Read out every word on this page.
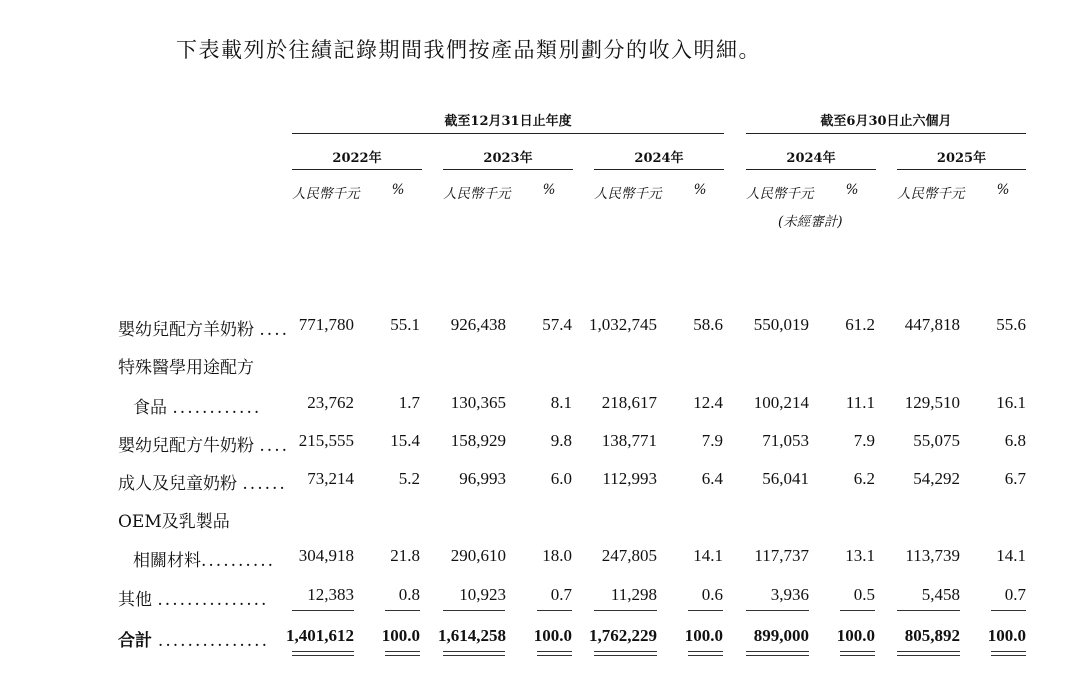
下表載列於往績記錄期間我們按產品類別劃分的收入明細。
截至12月31日止年度	截至6月30日止六個月
2022年	2023年	2024年	2024年	2025年
人民幣千元 %	人民幣千元 %	人民幣千元 %	人民幣千元 %	人民幣千元 %
(未經審計)
嬰幼兒配方羊奶粉 .... 771,780 55.1 926,438 57.4 1,032,745 58.6 550,019 61.2 447,818 55.6
特殊醫學用途配方
食品 ............	23,762	1.7 130,365	8.1 218,617 12.4 100,214 11.1 129,510 16.1
嬰幼兒配方牛奶粉 .... 215,555 15.4 158,929	9.8 138,771	7.9 71,053	7.9 55,075	6.8
成人及兒童奶粉 ...... 73,214	5.2 96,993	6.0 112,993	6.4 56,041	6.2 54,292	6.7
OEM及乳製品
相關材料.......... 304,918 21.8 290,610 18.0 247,805 14.1 117,737 13.1 113,739 14.1
其他 ............... 12,383	0.8 10,923	0.7 11,298	0.6	3,936	0.5	5,458	0.7
合計 ............... 1,401,612 100.0 1,614,258 100.0 1,762,229 100.0 899,000 100.0 805,892 100.0
